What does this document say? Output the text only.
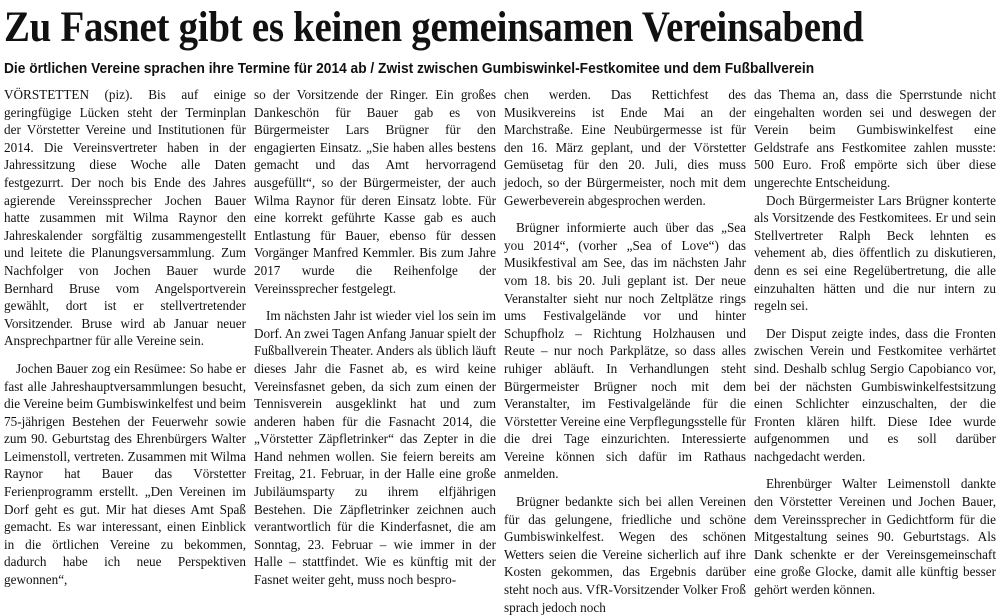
Zu Fasnet gibt es keinen gemeinsamen Vereinsabend
Die örtlichen Vereine sprachen ihre Termine für 2014 ab / Zwist zwischen Gumbiswinkel-Festkomitee und dem Fußballverein

VÖRSTETTEN (piz). Bis auf einige geringfügige Lücken steht der Terminplan der Vörstetter Vereine und Institutionen für 2014. Die Vereinsvertreter haben in der Jahressitzung diese Woche alle Daten festgezurrt. Der noch bis Ende des Jahres agierende Vereinssprecher Jochen Bauer hatte zusammen mit Wilma Raynor den Jahreskalender sorgfältig zusammengestellt und leitete die Planungsversammlung. Zum Nachfolger von Jochen Bauer wurde Bernhard Bruse vom Angelsportverein gewählt, dort ist er stellvertretender Vorsitzender. Bruse wird ab Januar neuer Ansprechpartner für alle Vereine sein.

Jochen Bauer zog ein Resümee: So habe er fast alle Jahreshauptversammlungen besucht, die Vereine beim Gumbiswinkelfest und beim 75-jährigen Bestehen der Feuerwehr sowie zum 90. Geburtstag des Ehrenbürgers Walter Leimenstoll, vertreten. Zusammen mit Wilma Raynor hat Bauer das Vörstetter Ferienprogramm erstellt. „Den Vereinen im Dorf geht es gut. Mir hat dieses Amt Spaß gemacht. Es war interessant, einen Einblick in die örtlichen Vereine zu bekommen, dadurch habe ich neue Perspektiven gewonnen“,

so der Vorsitzende der Ringer. Ein großes Dankeschön für Bauer gab es von Bürgermeister Lars Brügner für den engagierten Einsatz. „Sie haben alles bestens gemacht und das Amt hervorragend ausgefüllt“, so der Bürgermeister, der auch Wilma Raynor für deren Einsatz lobte. Für eine korrekt geführte Kasse gab es auch Entlastung für Bauer, ebenso für dessen Vorgänger Manfred Kemmler. Bis zum Jahre 2017 wurde die Reihenfolge der Vereinssprecher festgelegt.

Im nächsten Jahr ist wieder viel los sein im Dorf. An zwei Tagen Anfang Januar spielt der Fußballverein Theater. Anders als üblich läuft dieses Jahr die Fasnet ab, es wird keine Vereinsfasnet geben, da sich zum einen der Tennisverein ausgeklinkt hat und zum anderen haben für die Fasnacht 2014, die „Vörstetter Zäpfletrinker“ das Zepter in die Hand nehmen wollen. Sie feiern bereits am Freitag, 21. Februar, in der Halle eine große Jubiläumsparty zu ihrem elfjährigen Bestehen. Die Zäpfletrinker zeichnen auch verantwortlich für die Kinderfasnet, die am Sonntag, 23. Februar – wie immer in der Halle – stattfindet. Wie es künftig mit der Fasnet weiter geht, muss noch bespro-

chen werden. Das Rettichfest des Musikvereins ist Ende Mai an der Marchstraße. Eine Neubürgermesse ist für den 16. März geplant, und der Vörstetter Gemüsetag für den 20. Juli, dies muss jedoch, so der Bürgermeister, noch mit dem Gewerbeverein abgesprochen werden.

Brügner informierte auch über das „Sea you 2014“, (vorher „Sea of Love“) das Musikfestival am See, das im nächsten Jahr vom 18. bis 20. Juli geplant ist. Der neue Veranstalter sieht nur noch Zeltplätze rings ums Festivalgelände vor und hinter Schupfholz – Richtung Holzhausen und Reute – nur noch Parkplätze, so dass alles ruhiger abläuft. In Verhandlungen steht Bürgermeister Brügner noch mit dem Veranstalter, im Festivalgelände für die Vörstetter Vereine eine Verpflegungsstelle für die drei Tage einzurichten. Interessierte Vereine können sich dafür im Rathaus anmelden.

Brügner bedankte sich bei allen Vereinen für das gelungene, friedliche und schöne Gumbiswinkelfest. Wegen des schönen Wetters seien die Vereine sicherlich auf ihre Kosten gekommen, das Ergebnis darüber steht noch aus. VfR-Vorsitzender Volker Froß sprach jedoch noch

das Thema an, dass die Sperrstunde nicht eingehalten worden sei und deswegen der Verein beim Gumbiswinkelfest eine Geldstrafe ans Festkomitee zahlen musste: 500 Euro. Froß empörte sich über diese ungerechte Entscheidung.

Doch Bürgermeister Lars Brügner konterte als Vorsitzende des Festkomitees. Er und sein Stellvertreter Ralph Beck lehnten es vehement ab, dies öffentlich zu diskutieren, denn es sei eine Regelübertretung, die alle einzuhalten hätten und die nur intern zu regeln sei.

Der Disput zeigte indes, dass die Fronten zwischen Verein und Festkomitee verhärtet sind. Deshalb schlug Sergio Capobianco vor, bei der nächsten Gumbiswinkelfestsitzung einen Schlichter einzuschalten, der die Fronten klären hilft. Diese Idee wurde aufgenommen und es soll darüber nachgedacht werden.

Ehrenbürger Walter Leimenstoll dankte den Vörstetter Vereinen und Jochen Bauer, dem Vereinssprecher in Gedichtform für die Mitgestaltung seines 90. Geburtstags. Als Dank schenkte er der Vereinsgemeinschaft eine große Glocke, damit alle künftig besser gehört werden können.
